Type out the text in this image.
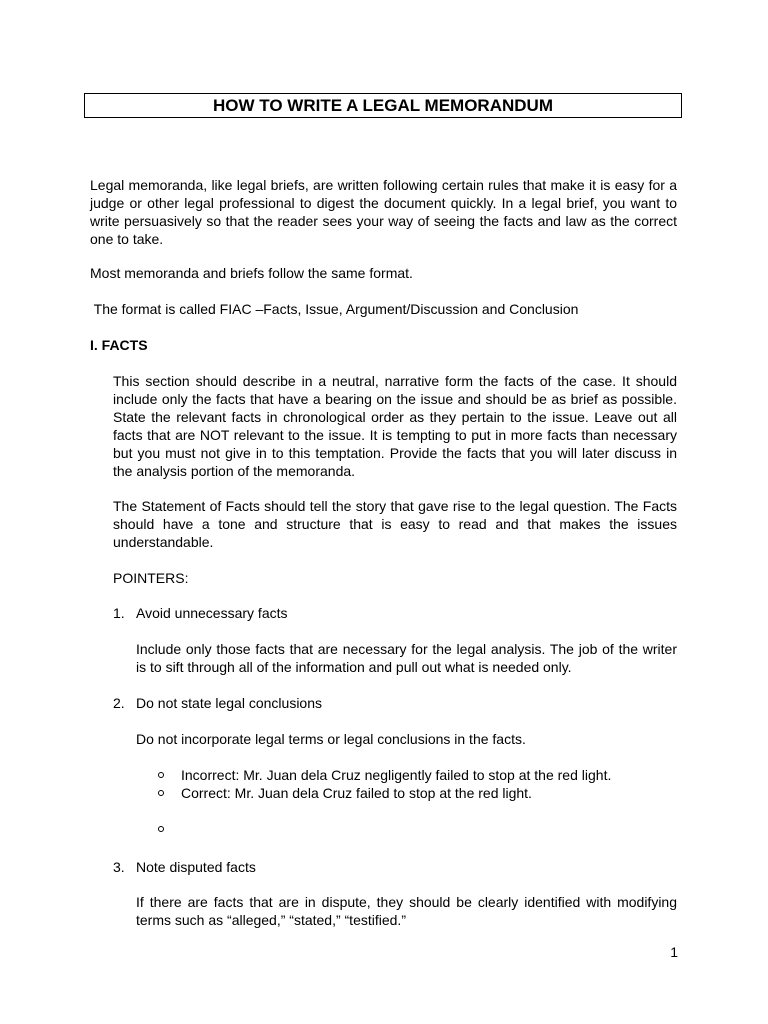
HOW TO WRITE A LEGAL MEMORANDUM
Legal memoranda, like legal briefs, are written following certain rules that make it is easy for a judge or other legal professional to digest the document quickly. In a legal brief, you want to write persuasively so that the reader sees your way of seeing the facts and law as the correct one to take.
Most memoranda and briefs follow the same format.
The format is called FIAC –Facts, Issue, Argument/Discussion and Conclusion
I. FACTS
This section should describe in a neutral, narrative form the facts of the case. It should include only the facts that have a bearing on the issue and should be as brief as possible. State the relevant facts in chronological order as they pertain to the issue. Leave out all facts that are NOT relevant to the issue. It is tempting to put in more facts than necessary but you must not give in to this temptation. Provide the facts that you will later discuss in the analysis portion of the memoranda.
The Statement of Facts should tell the story that gave rise to the legal question. The Facts should have a tone and structure that is easy to read and that makes the issues understandable.
POINTERS:
1. Avoid unnecessary facts
Include only those facts that are necessary for the legal analysis. The job of the writer is to sift through all of the information and pull out what is needed only.
2. Do not state legal conclusions
Do not incorporate legal terms or legal conclusions in the facts.
Incorrect: Mr. Juan dela Cruz negligently failed to stop at the red light.
Correct: Mr. Juan dela Cruz failed to stop at the red light.
3. Note disputed facts
If there are facts that are in dispute, they should be clearly identified with modifying terms such as “alleged,” “stated,” “testified.”
1
